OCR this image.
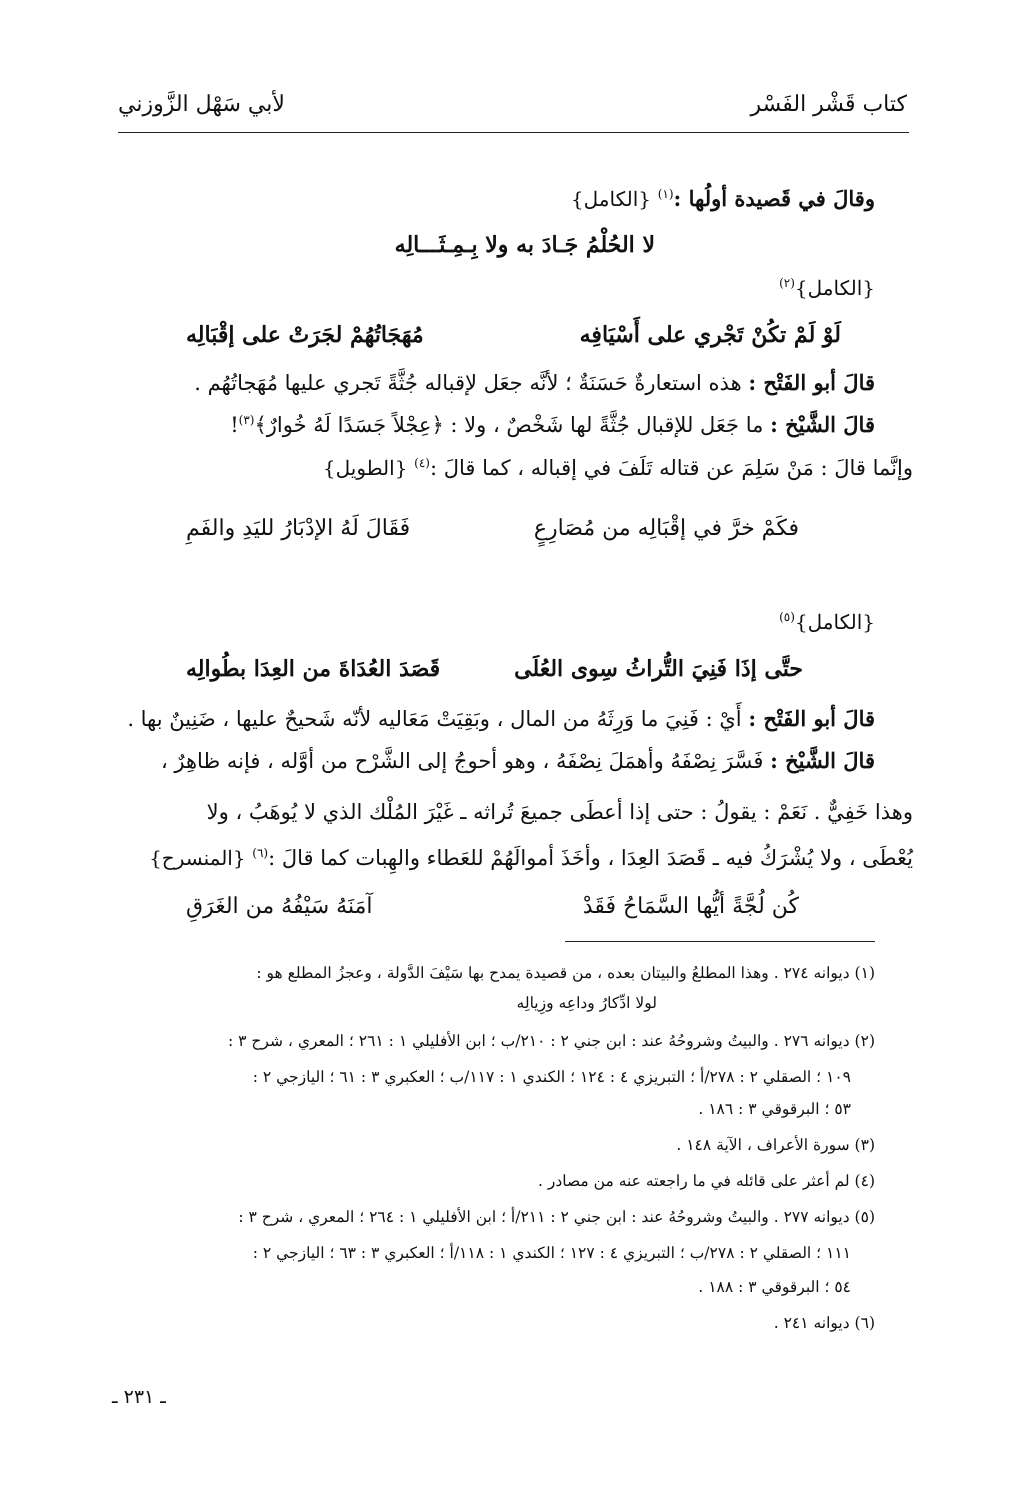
كتاب قَشْر الفَسْر
لأبي سَهْل الزَّوزني
وقالَ في قَصيدة أولُها :$^{(١)}$ {الكامل}
لا الحُلْمُ جَـادَ به ولا بِـمِـثَـــالِه
{الكامل}$^{(٢)}$
لَوْ لَمْ تكُنْ تَجْري على أَسْيَافِه
مُهَجَاتُهُمْ لجَرَتْ على إقْبَالِه
قالَ أبو الفَتْح : هذه استعارةٌ حَسَنَةٌ ؛ لأنَّه جعَل لإقباله جُثَّةً تَجري عليها مُهَجاتُهُم .
قالَ الشَّيْخ : ما جَعَل للإقبال جُثَّةً لها شَخْصٌ ، ولا : ﴿عِجْلاً جَسَدًا لَهُ خُوارٌ﴾$^{(٣)}$!
وإنَّما قالَ : مَنْ سَلِمَ عن قتاله تَلَفَ في إقباله ، كما قالَ :$^{(٤)}$ {الطويل}
فكَمْ خرَّ في إقْبَالِه من مُصَارِعٍ
فَقَالَ لَهُ الإدْبَارُ لليَدِ والفَمِ
{الكامل}$^{(٥)}$
حتَّى إذَا فَنِيَ التُّراثُ سِوى العُلَى
قَصَدَ العُدَاةَ من العِدَا بطُوالِه
قالَ أبو الفَتْح : أَيْ : فَنِيَ ما وَرِثَهُ من المال ، وبَقِيَتْ مَعَاليه لأنّه شَحيحٌ عليها ، ضَنِينٌ بها .
قالَ الشَّيْخ : فَسَّرَ نِصْفَهُ وأهمَلَ نِصْفَهُ ، وهو أحوجُ إلى الشَّرْح من أوَّله ، فإنه ظاهِرٌ ،
وهذا خَفِيٌّ . نَعَمْ : يقولُ : حتى إذا أعطَى جميعَ تُراثه ـ غَيْرَ المُلْك الذي لا يُوهَبُ ، ولا
يُعْطَى ، ولا يُشْرَكُ فيه ـ قَصَدَ العِدَا ، وأخَذَ أموالَهُمْ للعَطاء والهِبات كما قالَ :$^{(٦)}$ {المنسرح}
كُن لُجَّةً أيُّها السَّمَاحُ فَقَدْ
آمَنَهُ سَيْفُهُ من الغَرَقِ
(١) ديوانه ٢٧٤ . وهذا المطلعُ والبيتان بعده ، من قصيدة يمدح بها سَيْفَ الدَّولة ، وعجزُ المطلع هو :
لولا ادِّكارُ وداعِه وزِيالِه
(٢) ديوانه ٢٧٦ . والبيتُ وشروحُهُ عند : ابن جني ٢ : ٢١٠/ب ؛ ابن الأفليلي ١ : ٢٦١ ؛ المعري ، شرح ٣ :
١٠٩ ؛ الصقلي ٢ : ٢٧٨/أ ؛ التبريزي ٤ : ١٢٤ ؛ الكندي ١ : ١١٧/ب ؛ العكبري ٣ : ٦١ ؛ اليازجي ٢ :
٥٣ ؛ البرقوقي ٣ : ١٨٦ .
(٣) سورة الأعراف ، الآية ١٤٨ .
(٤) لم أعثر على قائله في ما راجعته عنه من مصادر .
(٥) ديوانه ٢٧٧ . والبيتُ وشروحُهُ عند : ابن جني ٢ : ٢١١/أ ؛ ابن الأفليلي ١ : ٢٦٤ ؛ المعري ، شرح ٣ :
١١١ ؛ الصقلي ٢ : ٢٧٨/ب ؛ التبريزي ٤ : ١٢٧ ؛ الكندي ١ : ١١٨/أ ؛ العكبري ٣ : ٦٣ ؛ اليازجي ٢ :
٥٤ ؛ البرقوقي ٣ : ١٨٨ .
(٦) ديوانه ٢٤١ .
ـ ٢٣١ ـ
